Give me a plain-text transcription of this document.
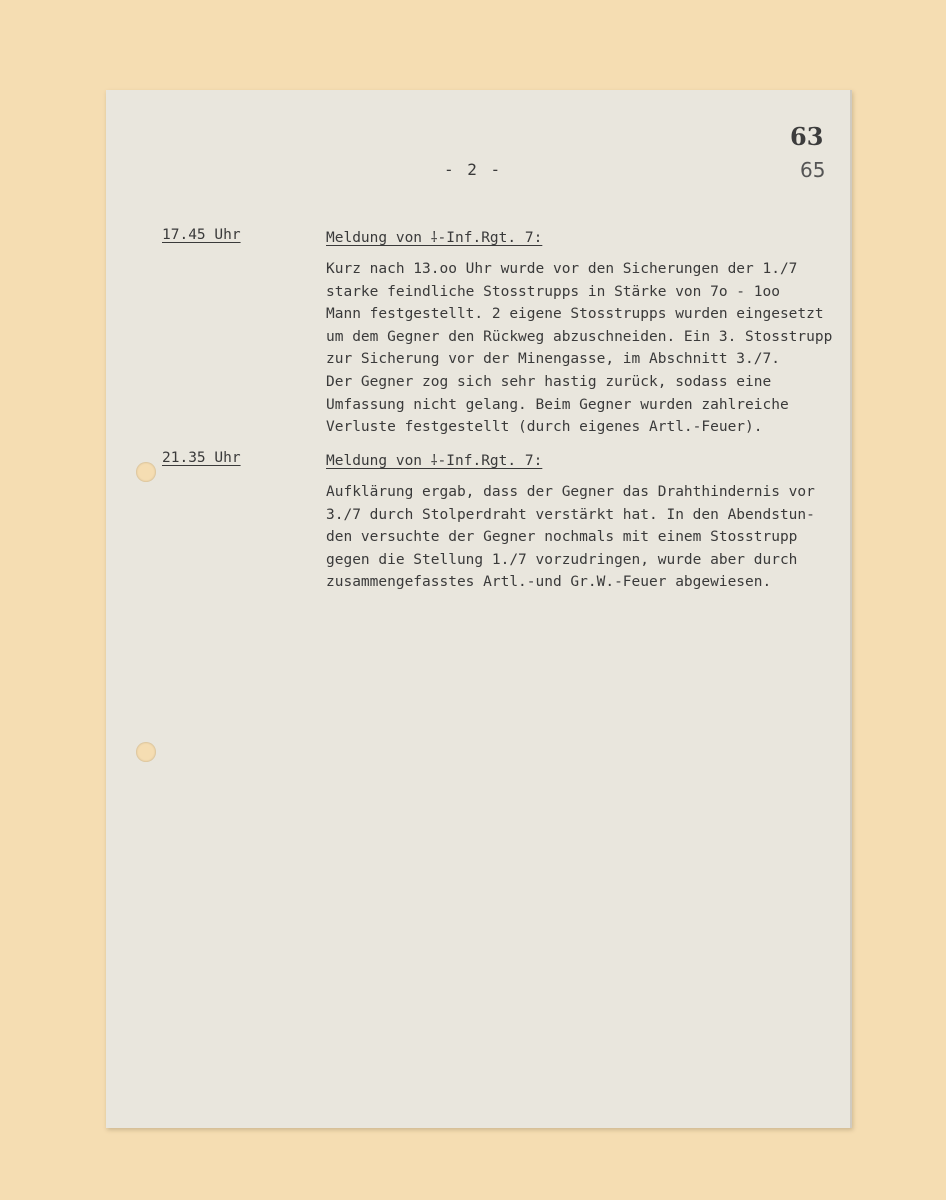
63
65
- 2 -
17.45 Uhr	Meldung von ⸸-Inf.Rgt. 7:
Kurz nach 13.oo Uhr wurde vor den Sicherungen der 1./7
starke feindliche Stosstrupps in Stärke von 7o - 1oo
Mann festgestellt. 2 eigene Stosstrupps wurden eingesetzt
um dem Gegner den Rückweg abzuschneiden. Ein 3. Stosstrupp
zur Sicherung vor der Minengasse, im Abschnitt 3./7.
Der Gegner zog sich sehr hastig zurück, sodass eine
Umfassung nicht gelang. Beim Gegner wurden zahlreiche
Verluste festgestellt (durch eigenes Artl.-Feuer).
21.35 Uhr	Meldung von ⸸-Inf.Rgt. 7:
Aufklärung ergab, dass der Gegner das Drahthindernis vor
3./7 durch Stolperdraht verstärkt hat. In den Abendstun-
den versuchte der Gegner nochmals mit einem Stosstrupp
gegen die Stellung 1./7 vorzudringen, wurde aber durch
zusammengefasstes Artl.-und Gr.W.-Feuer abgewiesen.
